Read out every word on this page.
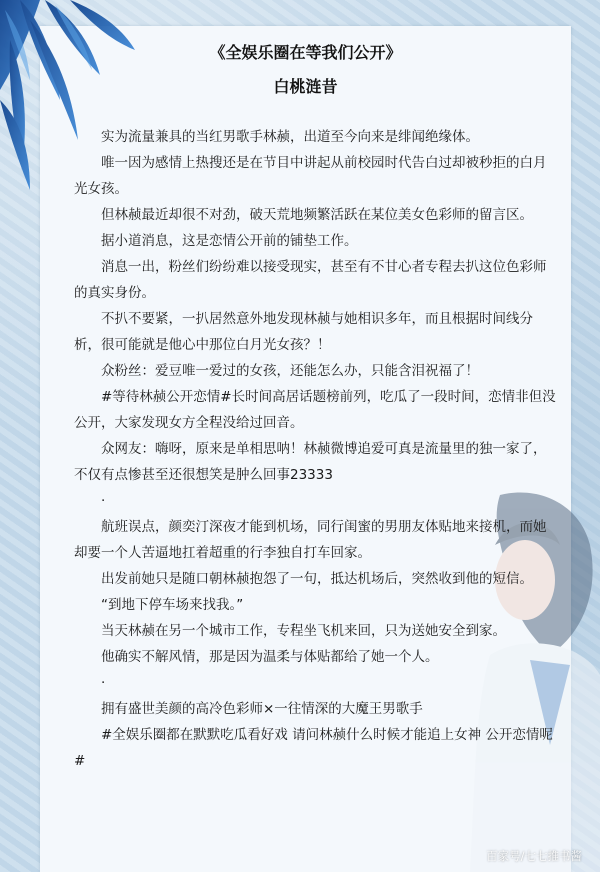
《全娱乐圈在等我们公开》
白桃涟昔

实为流量兼具的当红男歌手林赪，出道至今向来是绯闻绝缘体。

唯一因为感情上热搜还是在节目中讲起从前校园时代告白过却被秒拒的白月光女孩。

但林赪最近却很不对劲，破天荒地频繁活跃在某位美女色彩师的留言区。

据小道消息，这是恋情公开前的铺垫工作。

消息一出，粉丝们纷纷难以接受现实，甚至有不甘心者专程去扒这位色彩师的真实身份。

不扒不要紧，一扒居然意外地发现林赪与她相识多年，而且根据时间线分析，很可能就是他心中那位白月光女孩？！

众粉丝：爱豆唯一爱过的女孩，还能怎么办，只能含泪祝福了！

#等待林赪公开恋情#长时间高居话题榜前列，吃瓜了一段时间，恋情非但没公开，大家发现女方全程没给过回音。

众网友：嗨呀，原来是单相思呐！林赪微博追爱可真是流量里的独一家了，不仅有点惨甚至还很想笑是肿么回事23333

·

航班误点，颜奕汀深夜才能到机场，同行闺蜜的男朋友体贴地来接机，而她却要一个人苦逼地扛着超重的行李独自打车回家。

出发前她只是随口朝林赪抱怨了一句，抵达机场后，突然收到他的短信。

“到地下停车场来找我。”

当天林赪在另一个城市工作，专程坐飞机来回，只为送她安全到家。

他确实不解风情，那是因为温柔与体贴都给了她一个人。

·

拥有盛世美颜的高冷色彩师×一往情深的大魔王男歌手

#全娱乐圈都在默默吃瓜看好戏 请问林赪什么时候才能追上女神 公开恋情呢#

百家号/七七推书酱
